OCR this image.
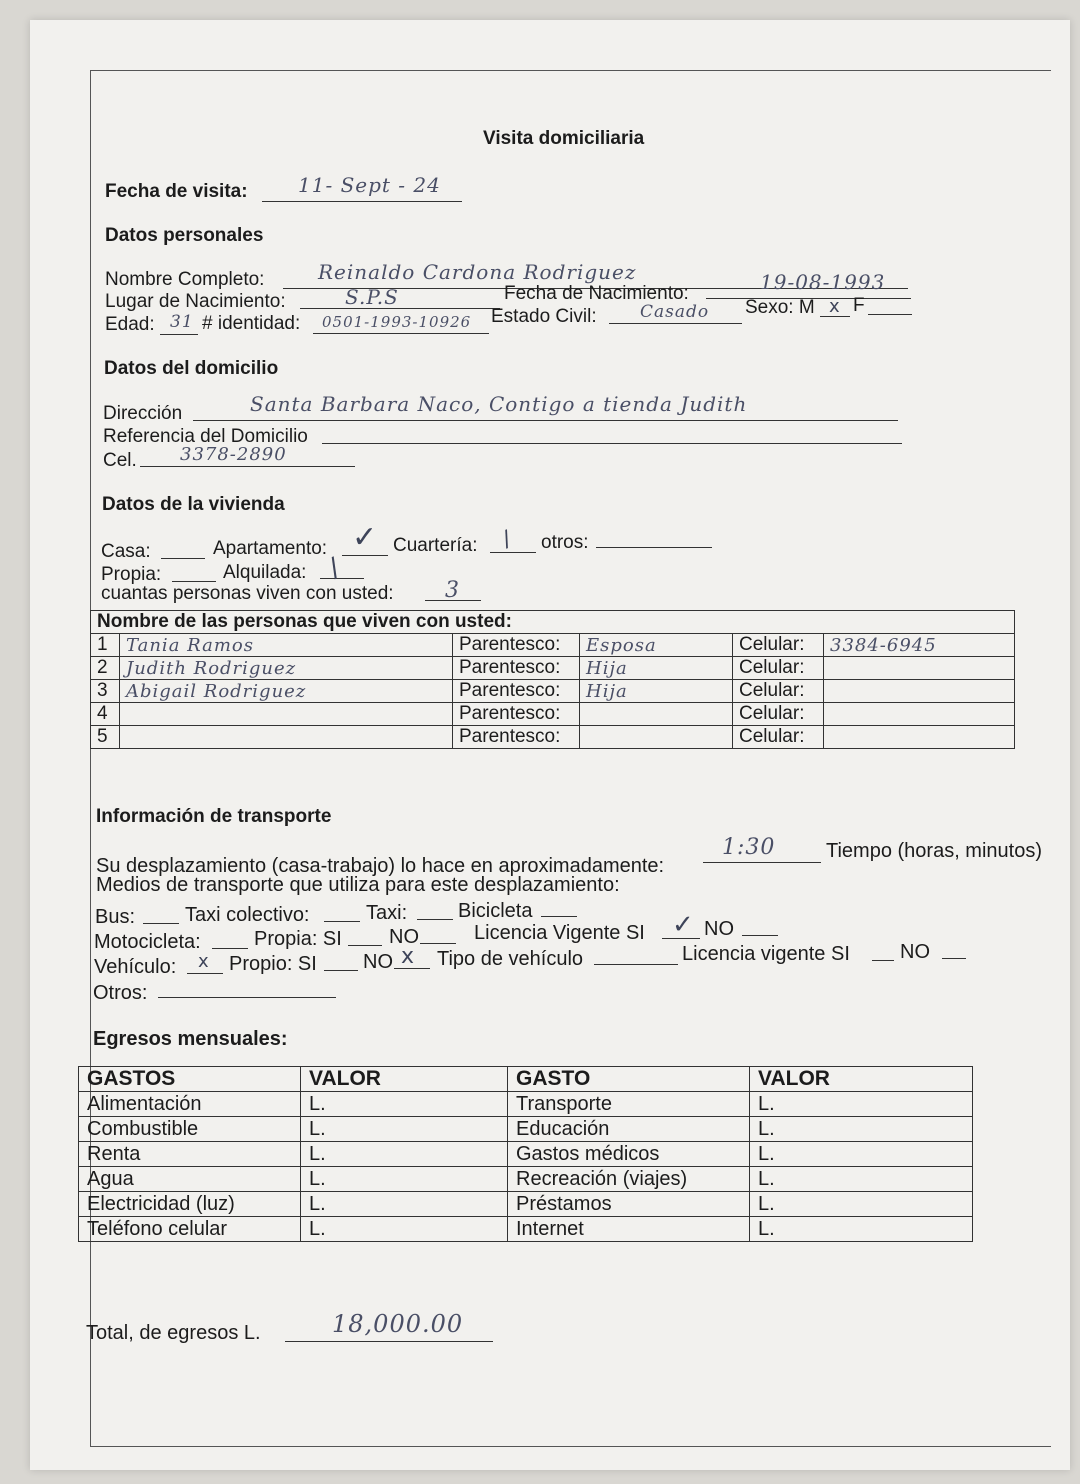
Visita domiciliaria
Fecha de visita:	11- Sept - 24
Datos personales
Nombre Completo:	Reinaldo Cardona Rodriguez
Lugar de Nacimiento:	S.P.S	Fecha de Nacimiento:	19-08-1993
Edad: 31 # identidad: 0501-1993-10926 Estado Civil:	Casado Sexo: M x F
Datos del domicilio
Dirección	Santa Barbara Naco, Contigo a tienda Judith
Referencia del Domicilio
Cel. 3378-2890
Datos de la vivienda
Casa:	Apartamento: ✓ Cuartería: / otros:
Propia:	Alquilada: /
cuantas personas viven con usted: 3
Nombre de las personas que viven con usted:					
1	Tania Ramos	Parentesco:	Esposa	Celular:	3384-6945
2	Judith Rodriguez	Parentesco:	Hija	Celular:	
3	Abigail Rodriguez	Parentesco:	Hija	Celular:	
4		Parentesco:		Celular:	
5		Parentesco:		Celular:	
Información de transporte
Su desplazamiento (casa-trabajo) lo hace en aproximadamente:
1:30	Tiempo (horas, minutos)
Medios de transporte que utiliza para este desplazamiento:
Bus: Taxi colectivo:	Taxi:	Bicicleta
Motocicleta:	Propia: SI NO	Licencia Vigente SI ✓ NO
Vehículo: x Propio: SI NO x Tipo de vehículo	Licencia vigente SI	NO
Otros:
Egresos mensuales:
GASTOS	VALOR	GASTO	VALOR
Alimentación	L.	Transporte	L.
Combustible	L.	Educación	L.
Renta	L.	Gastos médicos	L.
Agua	L.	Recreación (viajes)	L.
Electricidad (luz)	L.	Préstamos	L.
Teléfono celular	L.	Internet	L.
Total, de egresos L.	18,000.00
